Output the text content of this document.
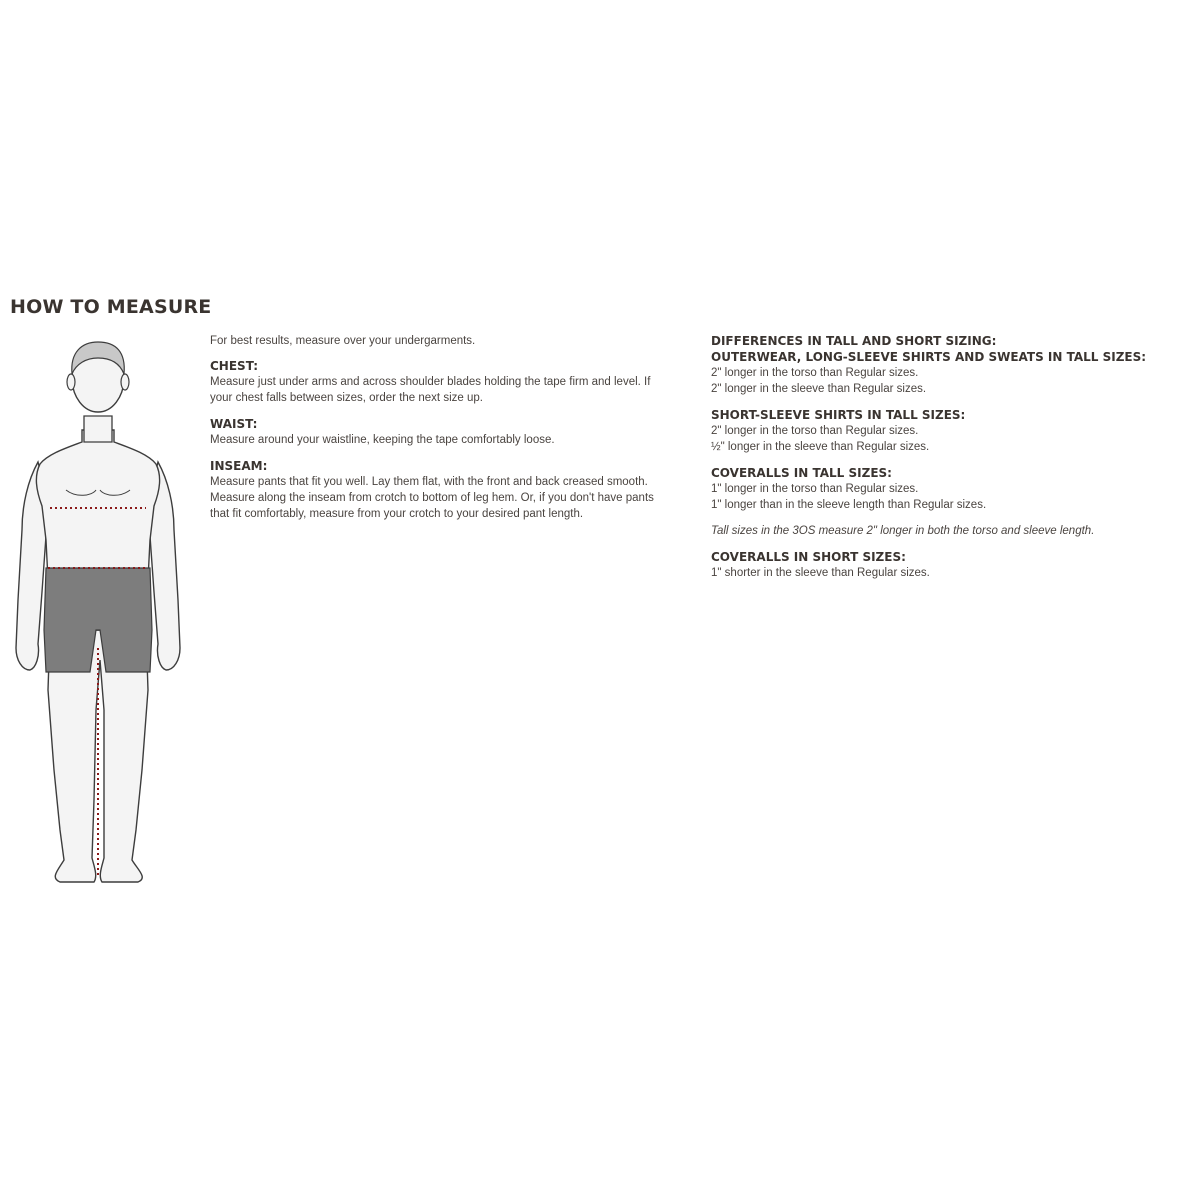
HOW TO MEASURE
For best results, measure over your undergarments.
CHEST:
Measure just under arms and across shoulder blades holding the tape firm and level. If your chest falls between sizes, order the next size up.
WAIST:
Measure around your waistline, keeping the tape comfortably loose.
INSEAM:
Measure pants that fit you well. Lay them flat, with the front and back creased smooth. Measure along the inseam from crotch to bottom of leg hem. Or, if you don't have pants that fit comfortably, measure from your crotch to your desired pant length.
DIFFERENCES IN TALL AND SHORT SIZING:
OUTERWEAR, LONG-SLEEVE SHIRTS AND SWEATS IN TALL SIZES:
2" longer in the torso than Regular sizes.
2" longer in the sleeve than Regular sizes.
SHORT-SLEEVE SHIRTS IN TALL SIZES:
2" longer in the torso than Regular sizes.
½" longer in the sleeve than Regular sizes.
COVERALLS IN TALL SIZES:
1" longer in the torso than Regular sizes.
1" longer than in the sleeve length than Regular sizes.
Tall sizes in the 3OS measure 2" longer in both the torso and sleeve length.
COVERALLS IN SHORT SIZES:
1" shorter in the sleeve than Regular sizes.
